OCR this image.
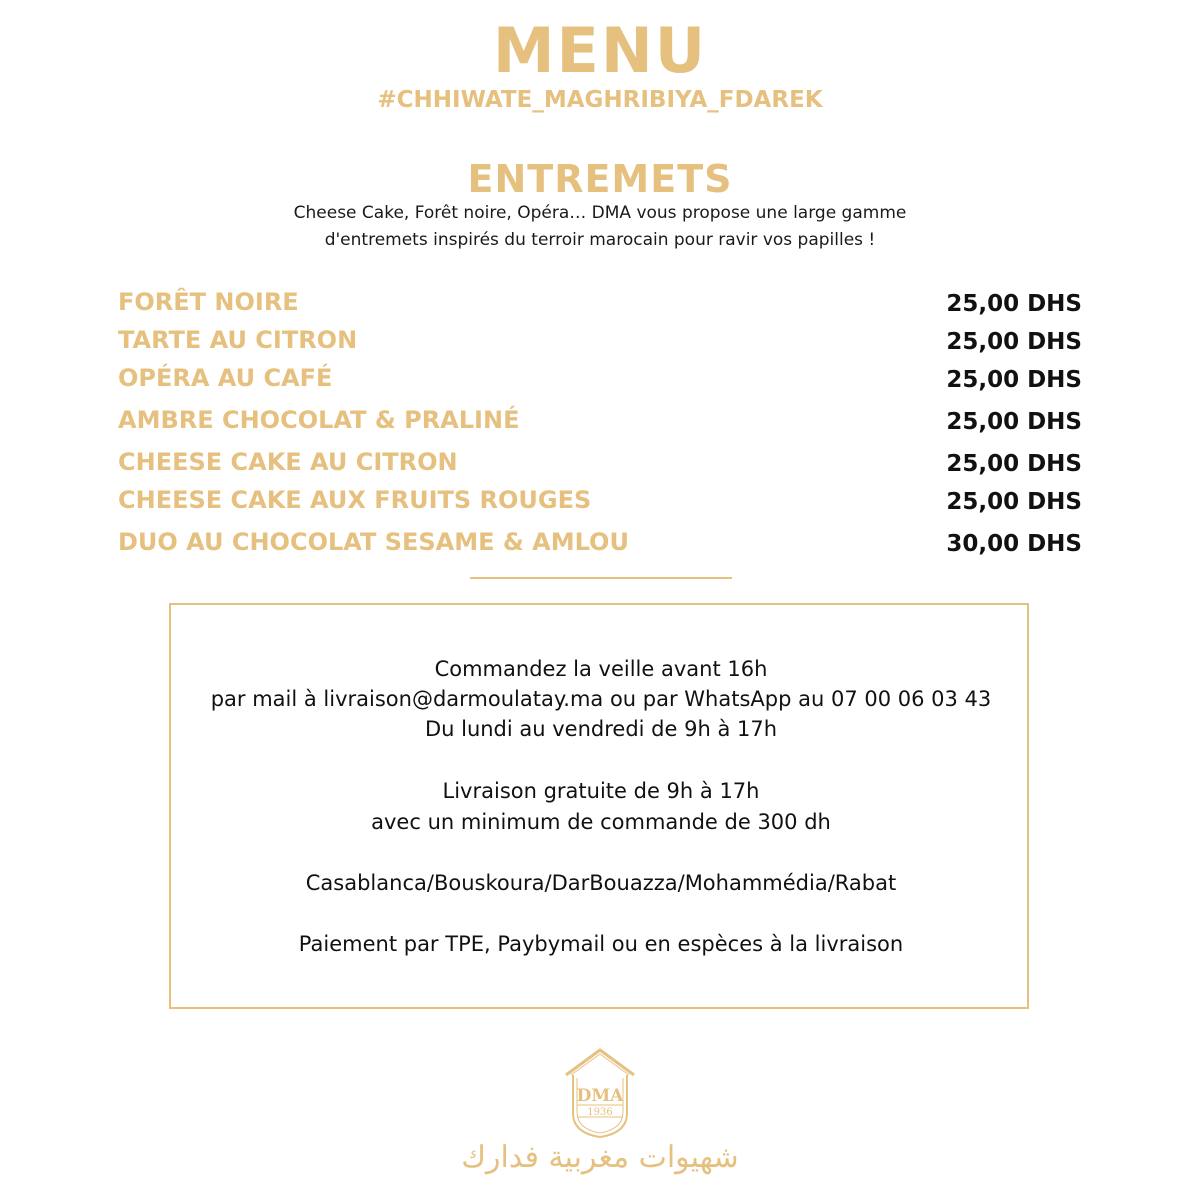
MENU
#CHHIWATE_MAGHRIBIYA_FDAREK
ENTREMETS
Cheese Cake, Forêt noire, Opéra… DMA vous propose une large gamme
d'entremets inspirés du terroir marocain pour ravir vos papilles !
FORÊT NOIRE	25,00 DHS
TARTE AU CITRON	25,00 DHS
OPÉRA AU CAFÉ	25,00 DHS
AMBRE CHOCOLAT & PRALINÉ	25,00 DHS
CHEESE CAKE AU CITRON	25,00 DHS
CHEESE CAKE AUX FRUITS ROUGES	25,00 DHS
DUO AU CHOCOLAT SESAME & AMLOU	30,00 DHS
Commandez la veille avant 16h
par mail à livraison@darmoulatay.ma ou par WhatsApp au 07 00 06 03 43
Du lundi au vendredi de 9h à 17h
Livraison gratuite de 9h à 17h
avec un minimum de commande de 300 dh
Casablanca/Bouskoura/DarBouazza/Mohammédia/Rabat
Paiement par TPE, Paybymail ou en espèces à la livraison
DMA
1936
شهيوات مغربية فدارك
